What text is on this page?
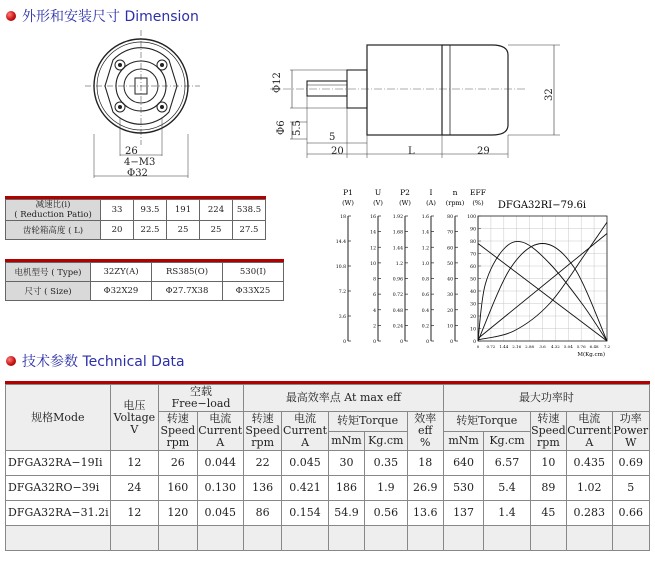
外形和安装尺寸 Dimension
26
4−M3
Φ32
Φ12
Φ6 5.5
5
20	L	29
32
减速比(i)
( Reduction Patio)	33	93.5	191	224	538.5
齿轮箱高度 ( L)	20	22.5	25	25	27.5
电机型号 ( Type)	32ZY(A)	RS385(O)	530(I)
尺寸 ( Size)	Φ32X29	Φ27.7X38	Φ33X25
P1
(W)
0
3.6
7.2
10.8
14.4
18
U
(V)
0
2
4
6
8
10
12
14
16
P2
(W)
0
0.24
0.48
0.72
0.96
1.2
1.44
1.68
1.92
I
(A)
0
0.2
0.4
0.6
0.8
1.0
1.2
1.4
1.6
n
(rpm)
0
10
20
30
40
50
60
70
80
EFF
(%)
0
10
20
30
40
50
60
70
80
90
100
DFGA32RI−79.6i
0 0.72 1.44 2.16 2.88 3.6 4.32 5.04 5.76 6.48 7.2
M(Kg.cm)
技术参数 Technical Data
规格Mode	电压
Voltage
V	空载 Free−load		最高效率点 At max eff					最大功率时				
		转速
Speed
rpm	电流
Current
A	转速
Speed
rpm	电流
Current
A	转矩Torque		效率
eff
%	转矩Torque		转速
Speed
rpm	电流
Current
A	功率
Power
W
						mNm	Kg.cm		mNm	Kg.cm			
DFGA32RA−19Ii	12	26	0.044	22	0.045	30	0.35	18	640	6.57	10	0.435	0.69
DFGA32RO−39i	24	160	0.130	136	0.421	186	1.9	26.9	530	5.4	89	1.02	5
DFGA32RA−31.2i	12	120	0.045	86	0.154	54.9	0.56	13.6	137	1.4	45	0.283	0.66
